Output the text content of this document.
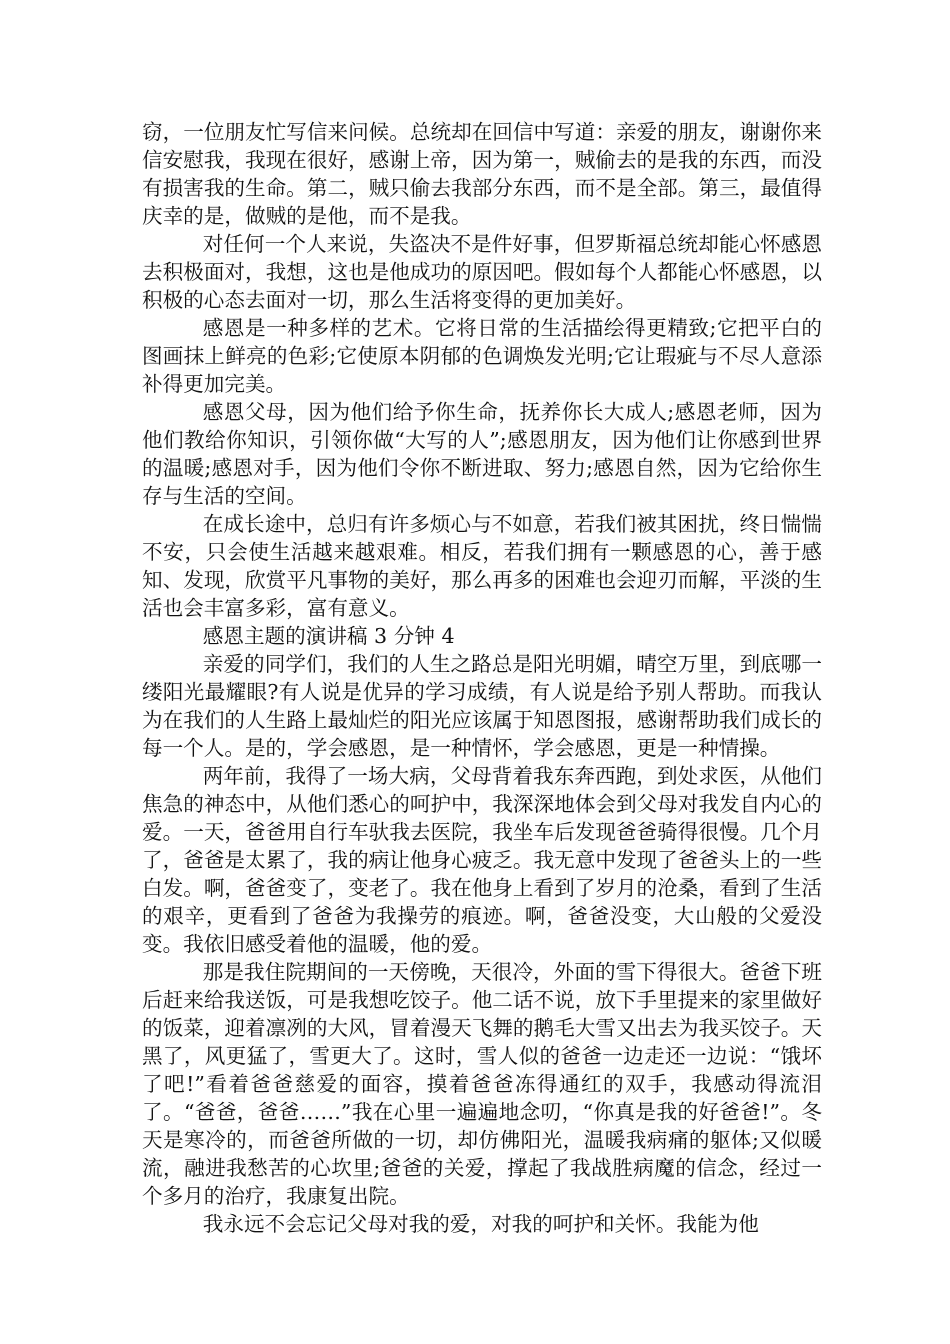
窃，一位朋友忙写信来问候。总统却在回信中写道：亲爱的朋友，谢谢你来信安慰我，我现在很好，感谢上帝，因为第一，贼偷去的是我的东西，而没有损害我的生命。第二，贼只偷去我部分东西，而不是全部。第三，最值得庆幸的是，做贼的是他，而不是我。

对任何一个人来说，失盗决不是件好事，但罗斯福总统却能心怀感恩去积极面对，我想，这也是他成功的原因吧。假如每个人都能心怀感恩，以积极的心态去面对一切，那么生活将变得的更加美好。

感恩是一种多样的艺术。它将日常的生活描绘得更精致;它把平白的图画抹上鲜亮的色彩;它使原本阴郁的色调焕发光明;它让瑕疵与不尽人意添补得更加完美。

感恩父母，因为他们给予你生命，抚养你长大成人;感恩老师，因为他们教给你知识，引领你做“大写的人”;感恩朋友，因为他们让你感到世界的温暖;感恩对手，因为他们令你不断进取、努力;感恩自然，因为它给你生存与生活的空间。

在成长途中，总归有许多烦心与不如意，若我们被其困扰，终日惴惴不安，只会使生活越来越艰难。相反，若我们拥有一颗感恩的心，善于感知、发现，欣赏平凡事物的美好，那么再多的困难也会迎刃而解，平淡的生活也会丰富多彩，富有意义。

感恩主题的演讲稿 3 分钟 4

亲爱的同学们，我们的人生之路总是阳光明媚，晴空万里，到底哪一缕阳光最耀眼?有人说是优异的学习成绩，有人说是给予别人帮助。而我认为在我们的人生路上最灿烂的阳光应该属于知恩图报，感谢帮助我们成长的每一个人。是的，学会感恩，是一种情怀，学会感恩，更是一种情操。

两年前，我得了一场大病，父母背着我东奔西跑，到处求医，从他们焦急的神态中，从他们悉心的呵护中，我深深地体会到父母对我发自内心的爱。一天，爸爸用自行车驮我去医院，我坐车后发现爸爸骑得很慢。几个月了，爸爸是太累了，我的病让他身心疲乏。我无意中发现了爸爸头上的一些白发。啊，爸爸变了，变老了。我在他身上看到了岁月的沧桑，看到了生活的艰辛，更看到了爸爸为我操劳的痕迹。啊，爸爸没变，大山般的父爱没变。我依旧感受着他的温暖，他的爱。

那是我住院期间的一天傍晚，天很冷，外面的雪下得很大。爸爸下班后赶来给我送饭，可是我想吃饺子。他二话不说，放下手里提来的家里做好的饭菜，迎着凛冽的大风，冒着漫天飞舞的鹅毛大雪又出去为我买饺子。天黑了，风更猛了，雪更大了。这时，雪人似的爸爸一边走还一边说：“饿坏了吧!”看着爸爸慈爱的面容，摸着爸爸冻得通红的双手，我感动得流泪了。“爸爸，爸爸……”我在心里一遍遍地念叨，“你真是我的好爸爸!”。冬天是寒冷的，而爸爸所做的一切，却仿佛阳光，温暖我病痛的躯体;又似暖流，融进我愁苦的心坎里;爸爸的关爱，撑起了我战胜病魔的信念，经过一个多月的治疗，我康复出院。

我永远不会忘记父母对我的爱，对我的呵护和关怀。我能为他
